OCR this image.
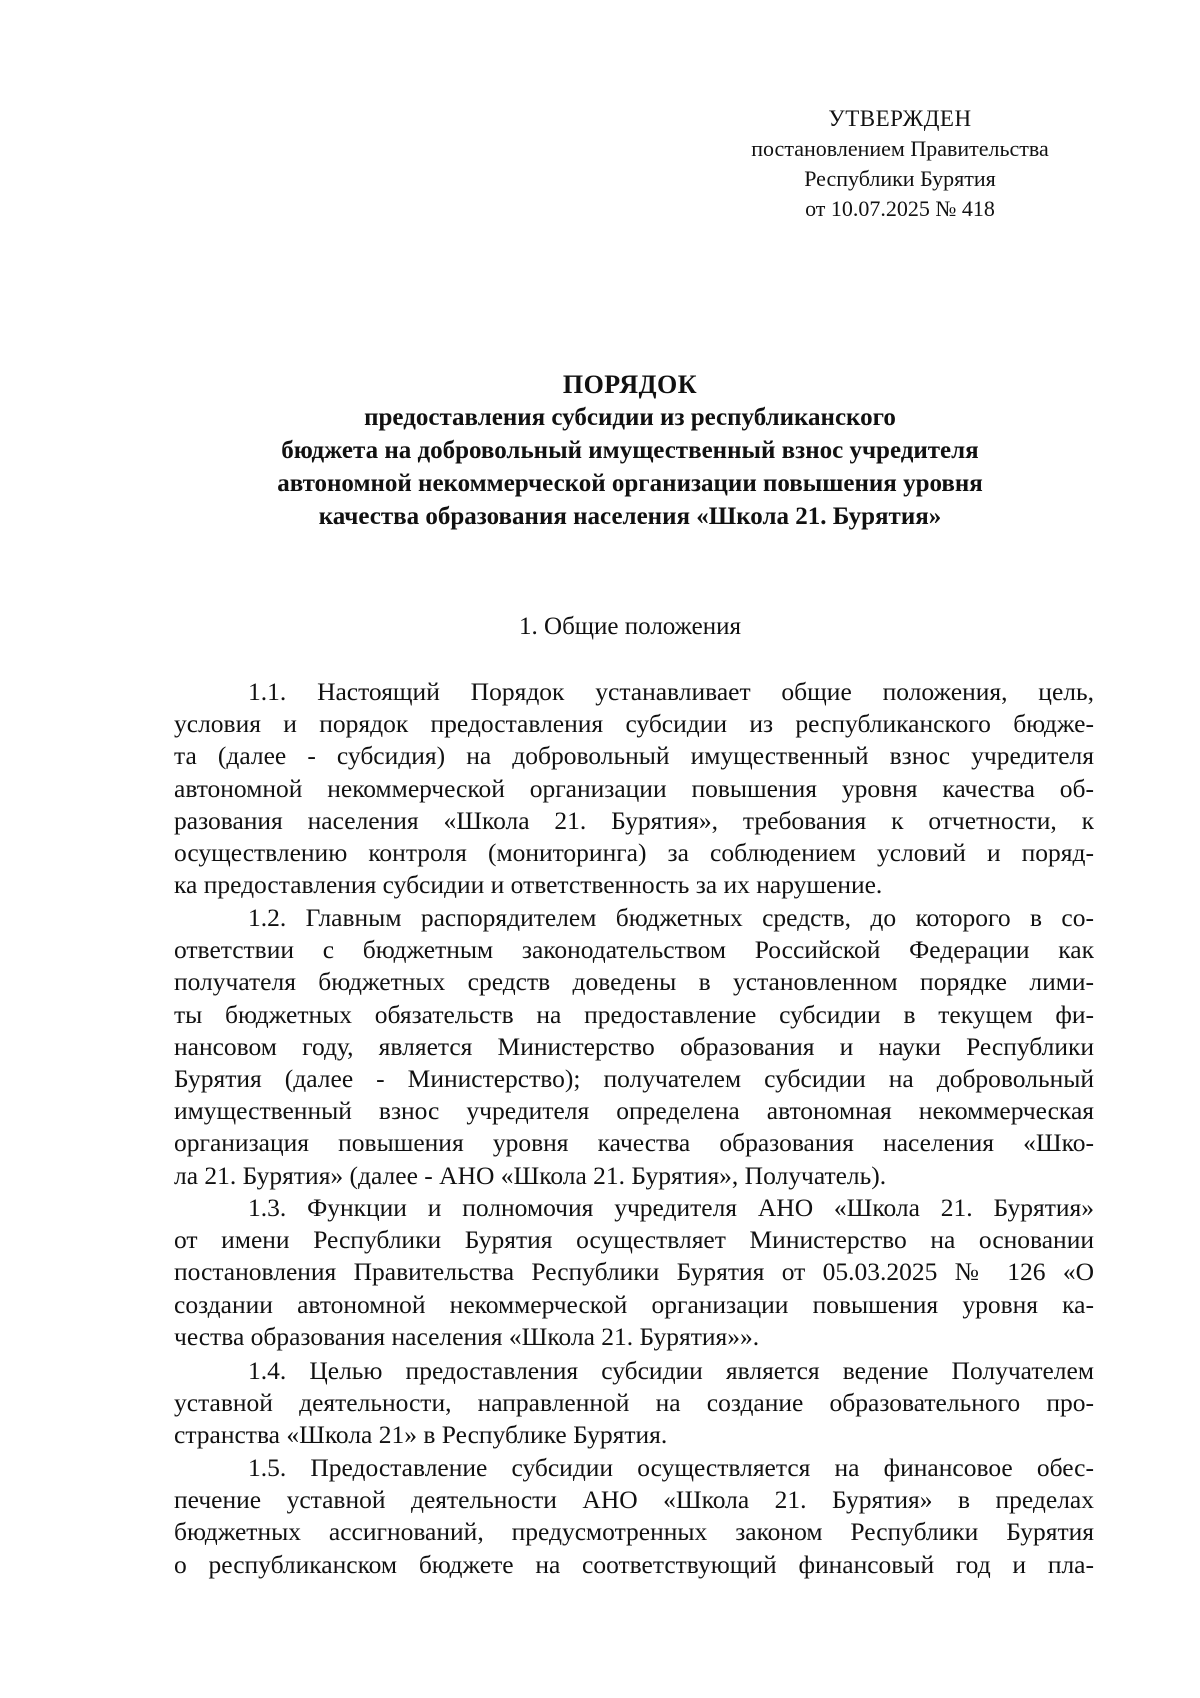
УТВЕРЖДЕН
постановлением Правительства
Республики Бурятия
от 10.07.2025 № 418
ПОРЯДОК
предоставления субсидии из республиканского
бюджета на добровольный имущественный взнос учредителя
автономной некоммерческой организации повышения уровня
качества образования населения «Школа 21. Бурятия»
1. Общие положения
1.1. Настоящий Порядок устанавливает общие положения, цель,
условия и порядок предоставления субсидии из республиканского бюдже-
та (далее - субсидия) на добровольный имущественный взнос учредителя
автономной некоммерческой организации повышения уровня качества об-
разования населения «Школа 21. Бурятия», требования к отчетности, к
осуществлению контроля (мониторинга) за соблюдением условий и поряд-
ка предоставления субсидии и ответственность за их нарушение.
1.2. Главным распорядителем бюджетных средств, до которого в со-
ответствии с бюджетным законодательством Российской Федерации как
получателя бюджетных средств доведены в установленном порядке лими-
ты бюджетных обязательств на предоставление субсидии в текущем фи-
нансовом году, является Министерство образования и науки Республики
Бурятия (далее - Министерство); получателем субсидии на добровольный
имущественный взнос учредителя определена автономная некоммерческая
организация повышения уровня качества образования населения «Шко-
ла 21. Бурятия» (далее - АНО «Школа 21. Бурятия», Получатель).
1.3. Функции и полномочия учредителя АНО «Школа 21. Бурятия»
от имени Республики Бурятия осуществляет Министерство на основании
постановления Правительства Республики Бурятия от 05.03.2025 № 126 «О
создании автономной некоммерческой организации повышения уровня ка-
чества образования населения «Школа 21. Бурятия»».
1.4. Целью предоставления субсидии является ведение Получателем
уставной деятельности, направленной на создание образовательного про-
странства «Школа 21» в Республике Бурятия.
1.5. Предоставление субсидии осуществляется на финансовое обес-
печение уставной деятельности АНО «Школа 21. Бурятия» в пределах
бюджетных ассигнований, предусмотренных законом Республики Бурятия
о республиканском бюджете на соответствующий финансовый год и пла-
